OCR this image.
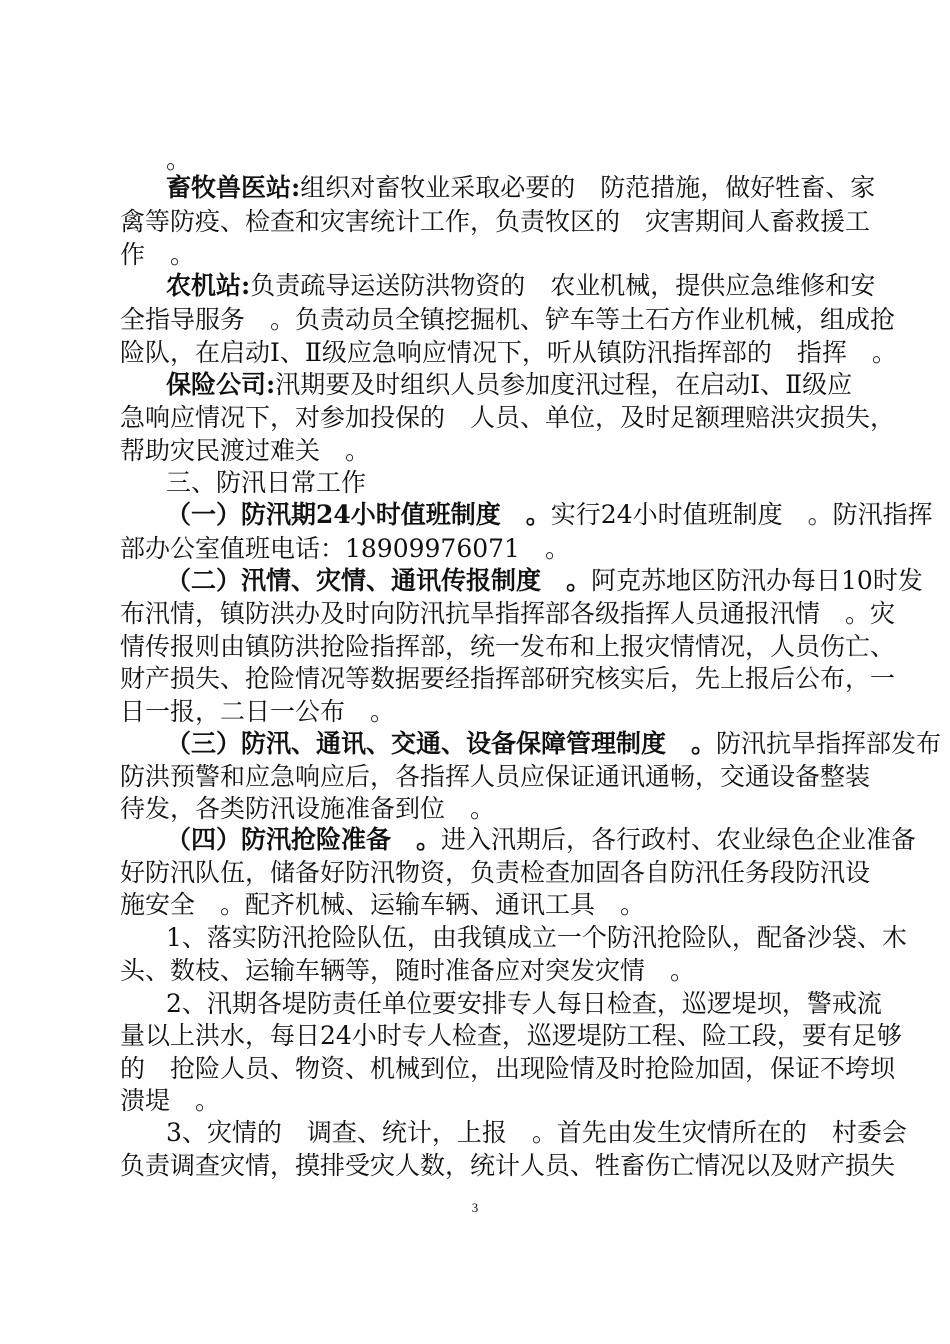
。
畜牧兽医站:组织对畜牧业采取必要的　防范措施，做好牲畜、家
禽等防疫、检查和灾害统计工作，负责牧区的　灾害期间人畜救援工
作　。
农机站:负责疏导运送防洪物资的　农业机械，提供应急维修和安
全指导服务　。负责动员全镇挖掘机、铲车等土石方作业机械，组成抢
险队，在启动Ⅰ、Ⅱ级应急响应情况下，听从镇防汛指挥部的　指挥　。
保险公司:汛期要及时组织人员参加度汛过程，在启动Ⅰ、Ⅱ级应
急响应情况下，对参加投保的　人员、单位，及时足额理赔洪灾损失，
帮助灾民渡过难关　。
三、防汛日常工作
（一）防汛期24小时值班制度　。实行24小时值班制度　。防汛指挥
部办公室值班电话：18909976071　。
（二）汛情、灾情、通讯传报制度　。阿克苏地区防汛办每日10时发
布汛情，镇防洪办及时向防汛抗旱指挥部各级指挥人员通报汛情　。灾
情传报则由镇防洪抢险指挥部，统一发布和上报灾情情况，人员伤亡、
财产损失、抢险情况等数据要经指挥部研究核实后，先上报后公布，一
日一报，二日一公布　。
（三）防汛、通讯、交通、设备保障管理制度　。防汛抗旱指挥部发布
防洪预警和应急响应后，各指挥人员应保证通讯通畅，交通设备整装
待发，各类防汛设施准备到位　。
（四）防汛抢险准备　。进入汛期后，各行政村、农业绿色企业准备
好防汛队伍，储备好防汛物资，负责检查加固各自防汛任务段防汛设
施安全　。配齐机械、运输车辆、通讯工具　。
1、落实防汛抢险队伍，由我镇成立一个防汛抢险队，配备沙袋、木
头、数枝、运输车辆等，随时准备应对突发灾情　。
2、汛期各堤防责任单位要安排专人每日检查，巡逻堤坝，警戒流
量以上洪水，每日24小时专人检查，巡逻堤防工程、险工段，要有足够
的　抢险人员、物资、机械到位，出现险情及时抢险加固，保证不垮坝
溃堤　。
3、灾情的　调查、统计，上报　。首先由发生灾情所在的　村委会
负责调查灾情，摸排受灾人数，统计人员、牲畜伤亡情况以及财产损失
3
